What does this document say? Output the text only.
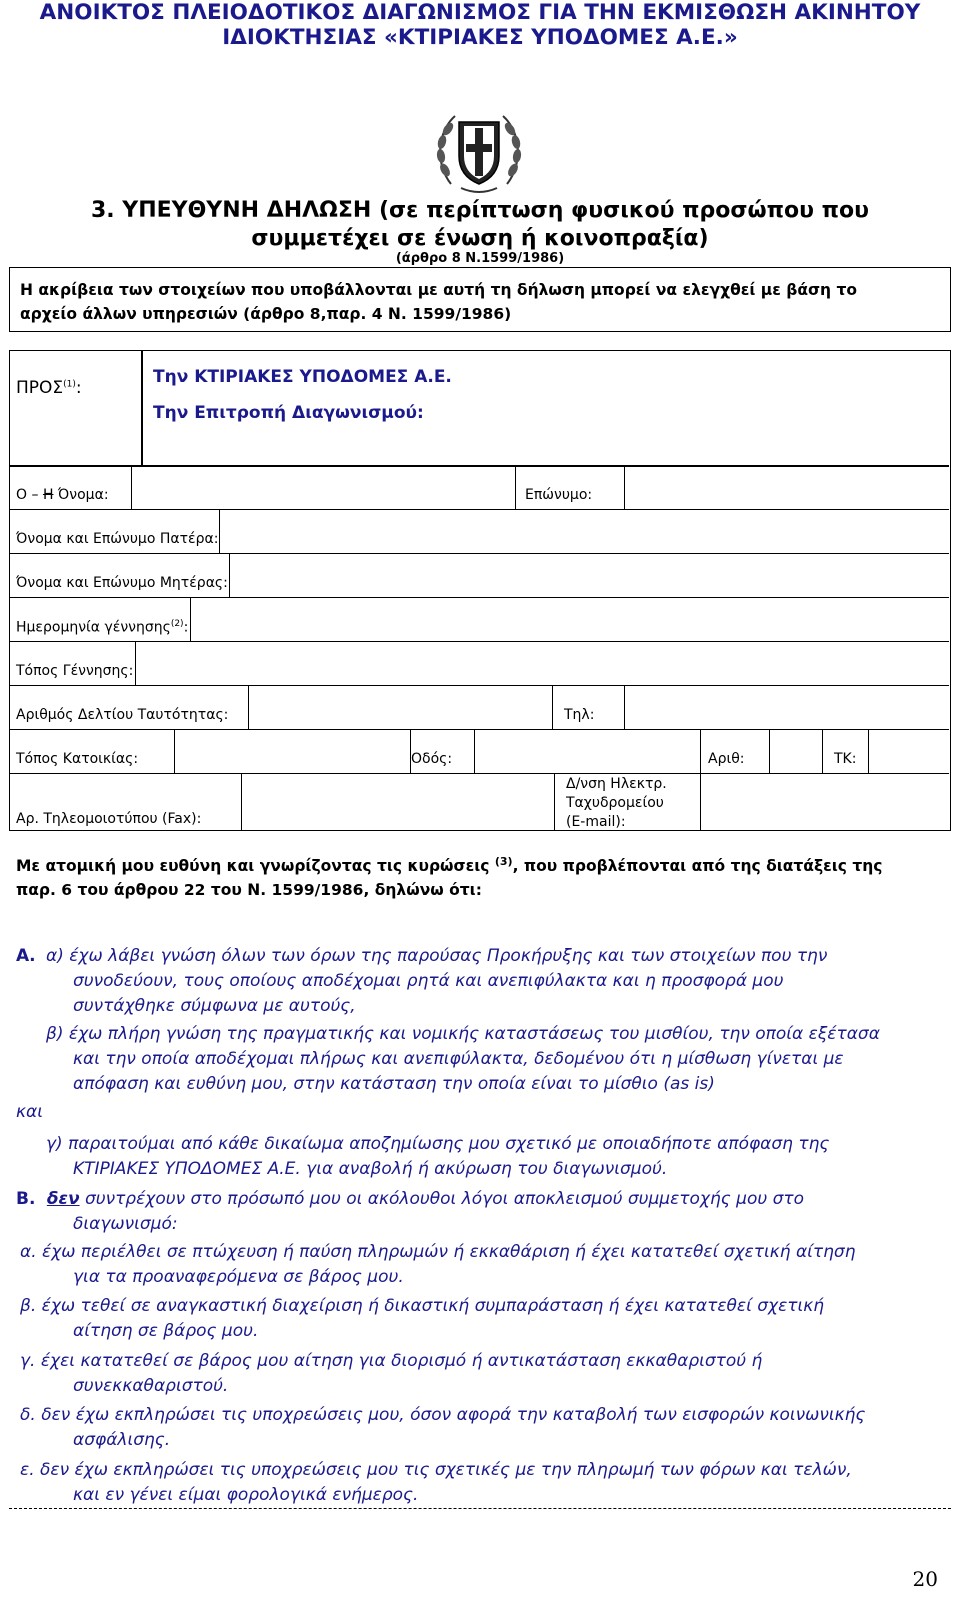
ΑΝΟΙΚΤΟΣ ΠΛΕΙΟΔΟΤΙΚΟΣ ΔΙΑΓΩΝΙΣΜΟΣ ΓΙΑ ΤΗΝ ΕΚΜΙΣΘΩΣΗ ΑΚΙΝΗΤΟΥ
ΙΔΙΟΚΤΗΣΙΑΣ «ΚΤΙΡΙΑΚΕΣ ΥΠΟΔΟΜΕΣ Α.Ε.»
3. ΥΠΕΥΘΥΝΗ ΔΗΛΩΣΗ (σε περίπτωση φυσικού προσώπου που
συμμετέχει σε ένωση ή κοινοπραξία)
(άρθρο 8 Ν.1599/1986)
Η ακρίβεια των στοιχείων που υποβάλλονται με αυτή τη δήλωση μπορεί να ελεγχθεί με βάση το
αρχείο άλλων υπηρεσιών (άρθρο 8,παρ. 4 Ν. 1599/1986)
ΠΡΟΣ$^{(1)}$:
Την ΚΤΙΡΙΑΚΕΣ ΥΠΟΔΟΜΕΣ Α.Ε.
Την Επιτροπή Διαγωνισμού:
Ο – Η Όνομα:	Επώνυμο:
Όνομα και Επώνυμο Πατέρα:
Όνομα και Επώνυμο Μητέρας:
Ημερομηνία γέννησης$^{(2)}$:
Τόπος Γέννησης:
Αριθμός Δελτίου Ταυτότητας:	Τηλ:
Τόπος Κατοικίας:	Οδός:	Αριθ:	ΤΚ:
Αρ. Τηλεομοιοτύπου (Fax):
Δ/νση Ηλεκτρ.
Ταχυδρομείου
(E-mail):
Με ατομική μου ευθύνη και γνωρίζοντας τις κυρώσεις $^{(3)}$, που προβλέπονται από της διατάξεις της
παρ. 6 του άρθρου 22 του Ν. 1599/1986, δηλώνω ότι:
Α. α) έχω λάβει γνώση όλων των όρων της παρούσας Προκήρυξης και των στοιχείων που την
συνοδεύουν, τους οποίους αποδέχομαι ρητά και ανεπιφύλακτα και η προσφορά μου
συντάχθηκε σύμφωνα με αυτούς,
β) έχω πλήρη γνώση της πραγματικής και νομικής καταστάσεως του μισθίου, την οποία εξέτασα
και την οποία αποδέχομαι πλήρως και ανεπιφύλακτα, δεδομένου ότι η μίσθωση γίνεται με
απόφαση και ευθύνη μου, στην κατάσταση την οποία είναι το μίσθιο (as is)
και
γ) παραιτούμαι από κάθε δικαίωμα αποζημίωσης μου σχετικό με οποιαδήποτε απόφαση της
ΚΤΙΡΙΑΚΕΣ ΥΠΟΔΟΜΕΣ Α.Ε. για αναβολή ή ακύρωση του διαγωνισμού.
Β. δεν συντρέχουν στο πρόσωπό μου οι ακόλουθοι λόγοι αποκλεισμού συμμετοχής μου στο
διαγωνισμό:
α. έχω περιέλθει σε πτώχευση ή παύση πληρωμών ή εκκαθάριση ή έχει κατατεθεί σχετική αίτηση
για τα προαναφερόμενα σε βάρος μου.
β. έχω τεθεί σε αναγκαστική διαχείριση ή δικαστική συμπαράσταση ή έχει κατατεθεί σχετική
αίτηση σε βάρος μου.
γ. έχει κατατεθεί σε βάρος μου αίτηση για διορισμό ή αντικατάσταση εκκαθαριστού ή
συνεκκαθαριστού.
δ. δεν έχω εκπληρώσει τις υποχρεώσεις μου, όσον αφορά την καταβολή των εισφορών κοινωνικής
ασφάλισης.
ε. δεν έχω εκπληρώσει τις υποχρεώσεις μου τις σχετικές με την πληρωμή των φόρων και τελών,
και εν γένει είμαι φορολογικά ενήμερος.
20
